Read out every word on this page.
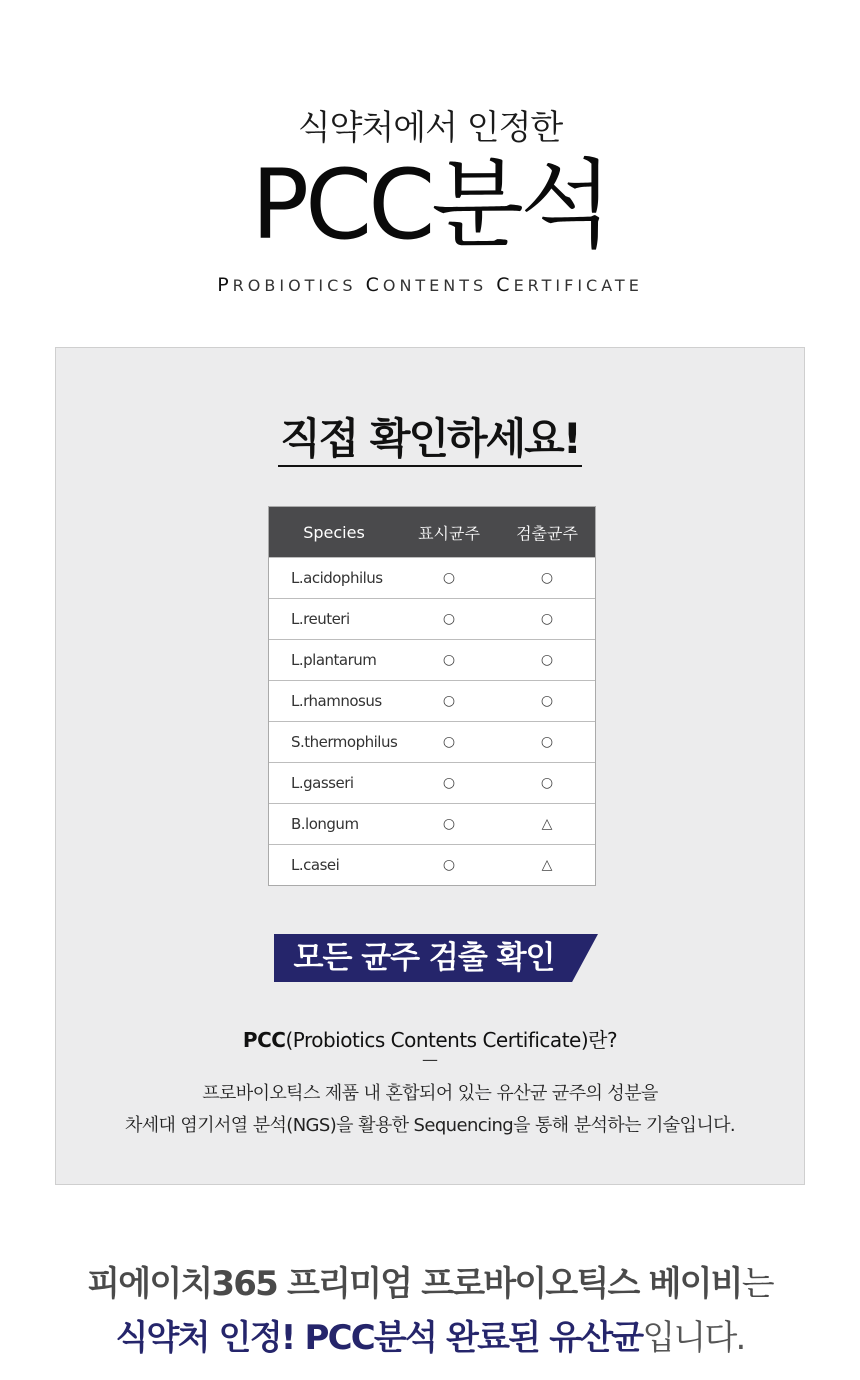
식약처에서 인정한
PCC분석
PROBIOTICS CONTENTS CERTIFICATE
직접 확인하세요!
Species	표시균주	검출균주
L.acidophilus	○	○
L.reuteri	○	○
L.plantarum	○	○
L.rhamnosus	○	○
S.thermophilus	○	○
L.gasseri	○	○
B.longum	○	△
L.casei	○	△
모든 균주 검출 확인
PCC(Probiotics Contents Certificate)란?
—
프로바이오틱스 제품 내 혼합되어 있는 유산균 균주의 성분을
차세대 염기서열 분석(NGS)을 활용한 Sequencing을 통해 분석하는 기술입니다.
피에이치365 프리미엄 프로바이오틱스 베이비는
식약처 인정! PCC분석 완료된 유산균입니다.
